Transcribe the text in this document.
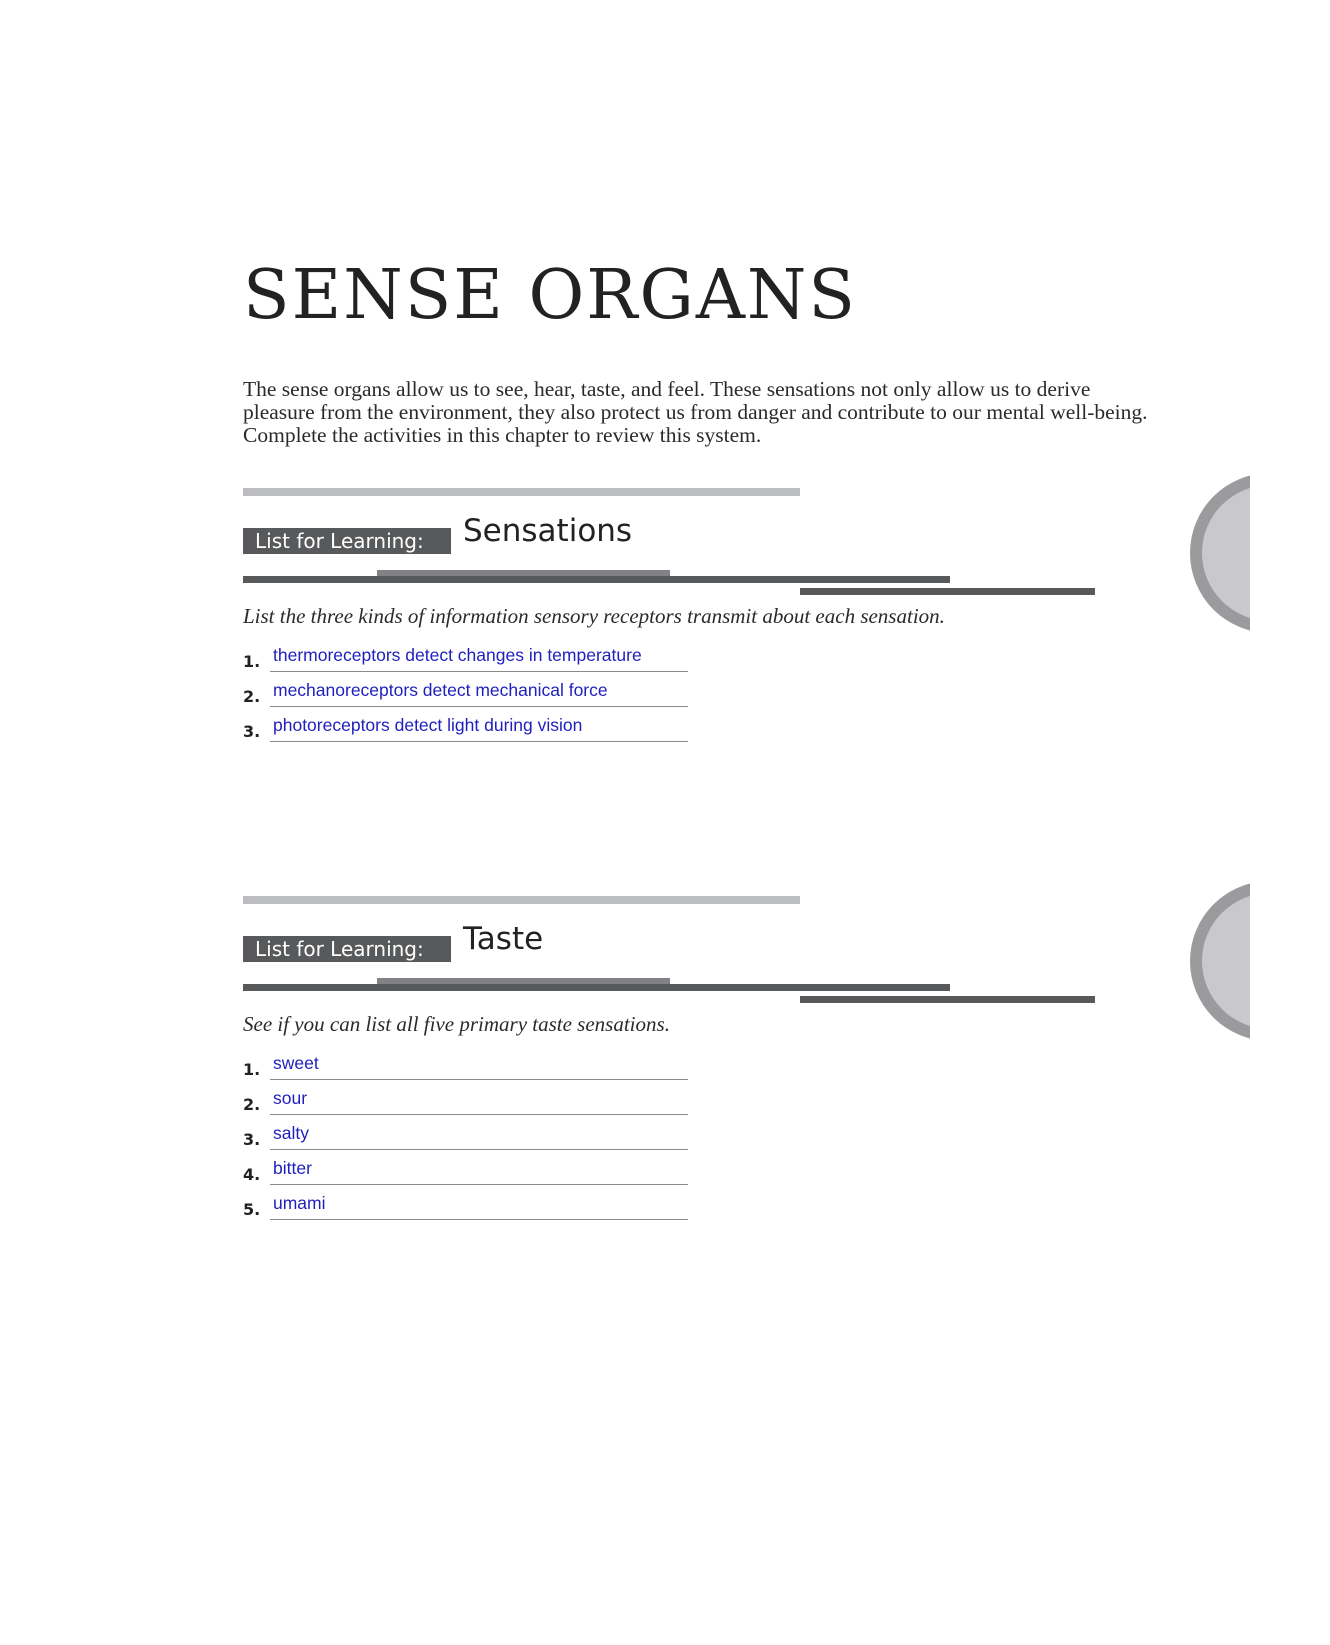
SENSE ORGANS

The sense organs allow us to see, hear, taste, and feel. These sensations not only allow us to derive pleasure from the environment, they also protect us from danger and contribute to our mental well-being. Complete the activities in this chapter to review this system.

List for Learning:	Sensations
List the three kinds of information sensory receptors transmit about each sensation.
1. thermoreceptors detect changes in temperature
2. mechanoreceptors detect mechanical force
3. photoreceptors detect light during vision
List for Learning:	Taste
See if you can list all five primary taste sensations.
1. sweet
2. sour
3. salty
4. bitter
5. umami
